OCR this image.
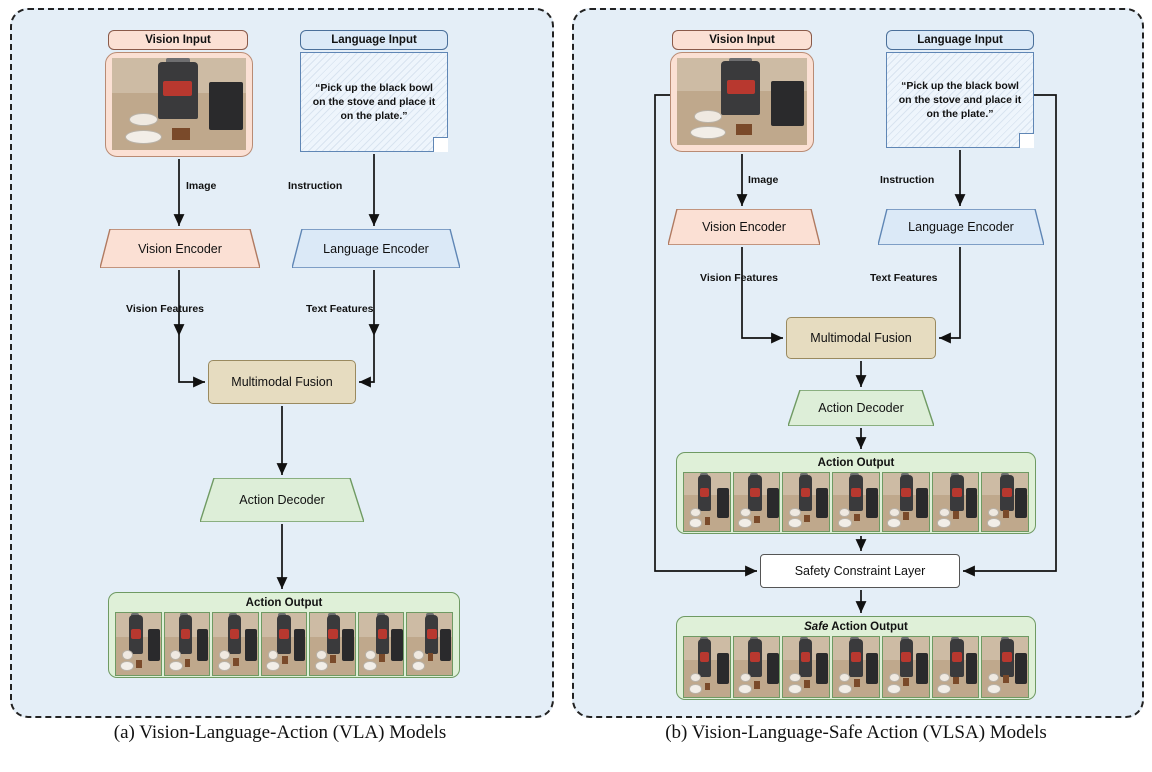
Vision Input	Language Input
“Pick up the black bowl on the stove and place it on the plate.”
Image	Instruction
Vision Encoder	Language Encoder
Vision Features	Text Features
Multimodal Fusion
Action Decoder
Action Output
Vision Input	Language Input
“Pick up the black bowl on the stove and place it on the plate.”
Image	Instruction
Vision Encoder	Language Encoder
Vision Features	Text Features
Multimodal Fusion
Action Decoder
Action Output
Safety Constraint Layer
Safe Action Output
(a) Vision-Language-Action (VLA) Models	(b) Vision-Language-Safe Action (VLSA) Models
